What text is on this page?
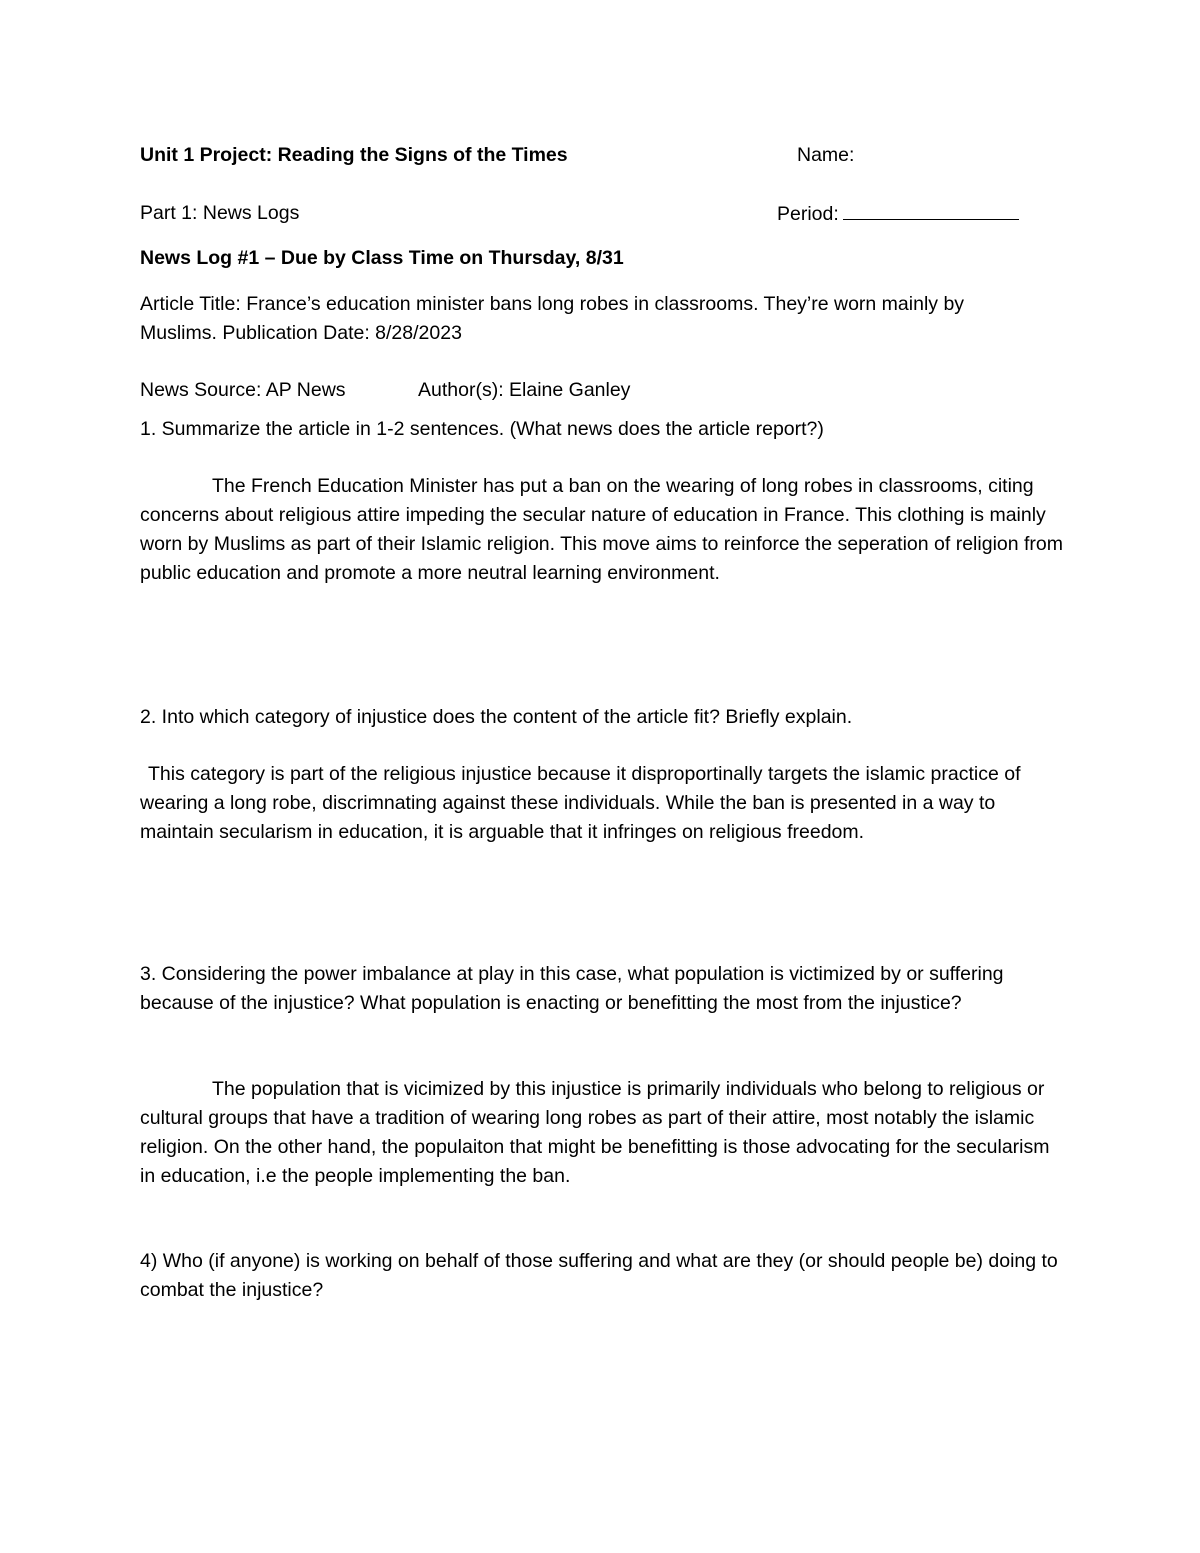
Unit 1 Project: Reading the Signs of the Times	Name:
Part 1: News Logs	Period:
News Log #1 – Due by Class Time on Thursday, 8/31
Article Title: France’s education minister bans long robes in classrooms. They’re worn mainly by
Muslims. Publication Date: 8/28/2023
News Source: AP News	Author(s): Elaine Ganley
1. Summarize the article in 1-2 sentences. (What news does the article report?)

The French Education Minister has put a ban on the wearing of long robes in classrooms, citing concerns about religious attire impeding the secular nature of education in France. This clothing is mainly worn by Muslims as part of their Islamic religion. This move aims to reinforce the seperation of religion from public education and promote a more neutral learning environment.

2. Into which category of injustice does the content of the article fit? Briefly explain.

This category is part of the religious injustice because it disproportinally targets the islamic practice of wearing a long robe, discrimnating against these individuals. While the ban is presented in a way to maintain secularism in education, it is arguable that it infringes on religious freedom.

3. Considering the power imbalance at play in this case, what population is victimized by or suffering because of the injustice? What population is enacting or benefitting the most from the injustice?

The population that is vicimized by this injustice is primarily individuals who belong to religious or cultural groups that have a tradition of wearing long robes as part of their attire, most notably the islamic religion. On the other hand, the populaiton that might be benefitting is those advocating for the secularism in education, i.e the people implementing the ban.

4) Who (if anyone) is working on behalf of those suffering and what are they (or should people be) doing to combat the injustice?
